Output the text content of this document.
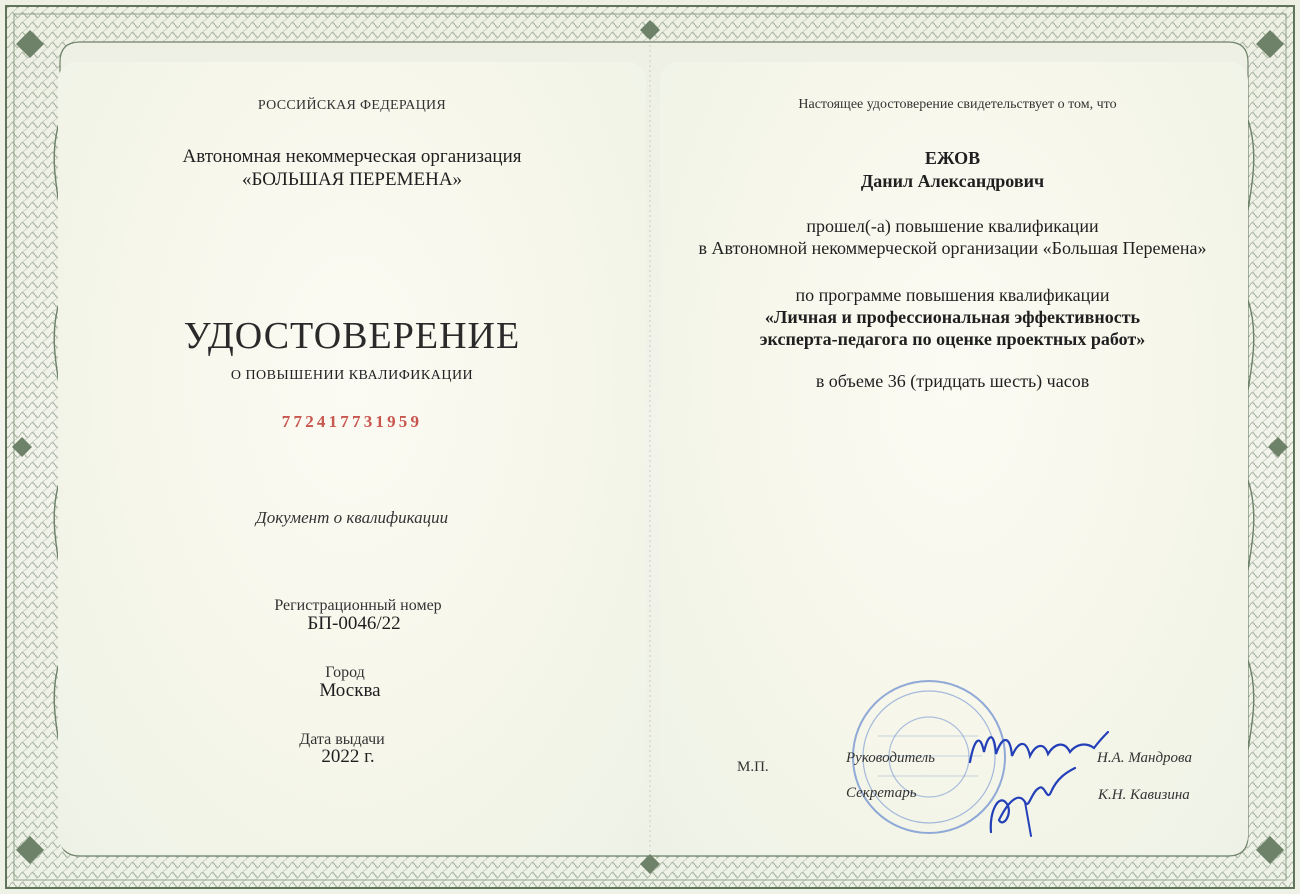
РОССИЙСКАЯ ФЕДЕРАЦИЯ
Автономная некоммерческая организация
«БОЛЬШАЯ ПЕРЕМЕНА»
УДОСТОВЕРЕНИЕ
О ПОВЫШЕНИИ КВАЛИФИКАЦИИ
772417731959
Документ о квалификации
Регистрационный номер
БП-0046/22
Город
Москва
Дата выдачи
2022 г.
Настоящее удостоверение свидетельствует о том, что
ЕЖОВ
Данил Александрович
прошел(-а) повышение квалификации
в Автономной некоммерческой организации «Большая Перемена»
по программе повышения квалификации
«Личная и профессиональная эффективность
эксперта-педагога по оценке проектных работ»
в объеме 36 (тридцать шесть) часов
М.П.
Руководитель	Н.А. Мандрова
Секретарь	К.Н. Кавизина
